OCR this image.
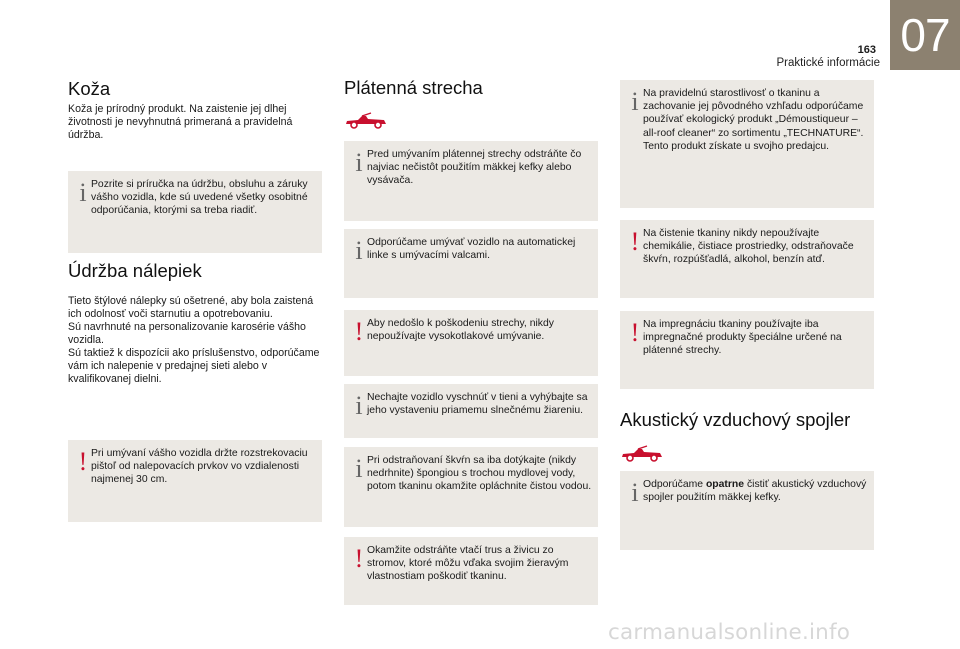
163
Praktické informácie
07
Koža
Koža je prírodný produkt. Na zaistenie jej dlhej životnosti je nevyhnutná primeraná a pravidelná údržba.
i Pozrite si príručka na údržbu, obsluhu a záruky vášho vozidla, kde sú uvedené všetky osobitné odporúčania, ktorými sa treba riadiť.
Údržba nálepiek
Tieto štýlové nálepky sú ošetrené, aby bola zaistená ich odolnosť voči starnutiu a opotrebovaniu.
Sú navrhnuté na personalizovanie karosérie vášho vozidla.
Sú taktiež k dispozícii ako príslušenstvo, odporúčame vám ich nalepenie v predajnej sieti alebo v kvalifikovanej dielni.
! Pri umývaní vášho vozidla držte rozstrekovaciu pištoľ od nalepovacích prvkov vo vzdialenosti najmenej 30 cm.
Plátenná strecha
i Pred umývaním plátennej strechy odstráňte čo najviac nečistôt použitím mäkkej kefky alebo vysávača.
i Odporúčame umývať vozidlo na automatickej linke s umývacími valcami.
! Aby nedošlo k poškodeniu strechy, nikdy nepoužívajte vysokotlakové umývanie.
i Nechajte vozidlo vyschnúť v tieni a vyhýbajte sa jeho vystaveniu priamemu slnečnému žiareniu.
i Pri odstraňovaní škvŕn sa iba dotýkajte (nikdy nedrhnite) špongiou s trochou mydlovej vody, potom tkaninu okamžite opláchnite čistou vodou.
! Okamžite odstráňte vtačí trus a živicu zo stromov, ktoré môžu vďaka svojim žieravým vlastnostiam poškodiť tkaninu.
i Na pravidelnú starostlivosť o tkaninu a zachovanie jej pôvodného vzhľadu odporúčame používať ekologický produkt „Démoustiqueur – all-roof cleaner“ zo sortimentu „TECHNATURE“. Tento produkt získate u svojho predajcu.
! Na čistenie tkaniny nikdy nepoužívajte chemikálie, čistiace prostriedky, odstraňovače škvŕn, rozpúšťadlá, alkohol, benzín atď.
! Na impregnáciu tkaniny používajte iba impregnačné produkty špeciálne určené na plátenné strechy.
Akustický vzduchový spojler
i Odporúčame opatrne čistiť akustický vzduchový spojler použitím mäkkej kefky.
carmanualsonline.info
